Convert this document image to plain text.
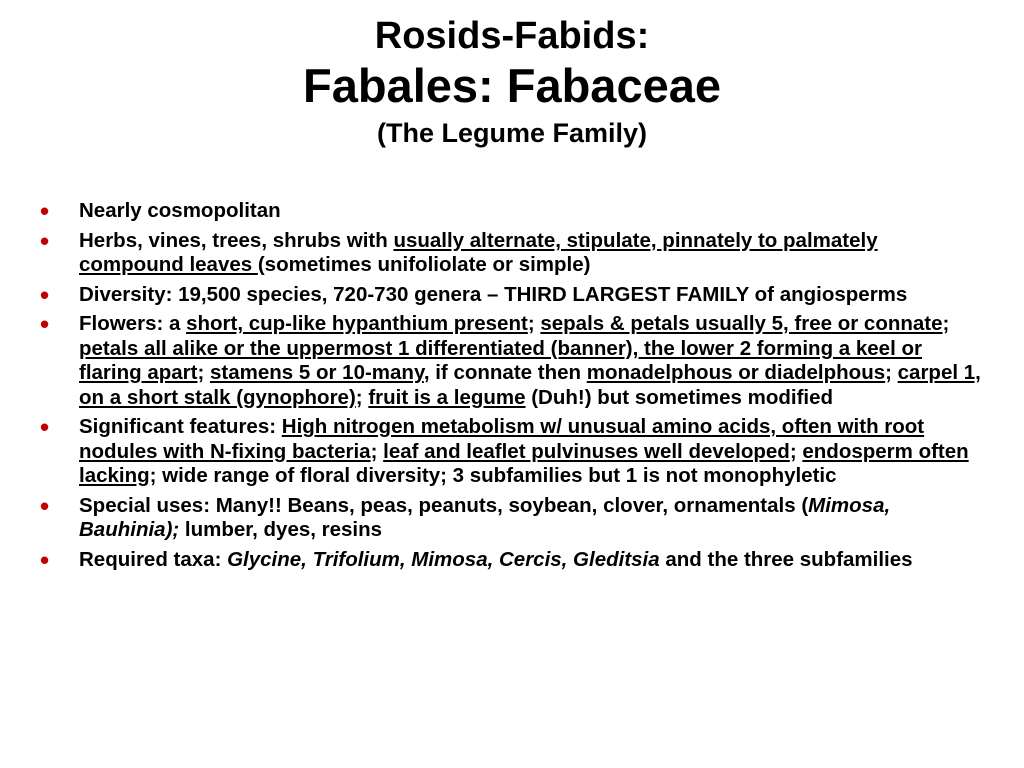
Rosids-Fabids:
Fabales: Fabaceae
(The Legume Family)
• Nearly cosmopolitan
• Herbs, vines, trees, shrubs with usually alternate, stipulate, pinnately to palmately compound leaves (sometimes unifoliolate or simple)
• Diversity: 19,500 species, 720-730 genera – THIRD LARGEST FAMILY of angiosperms
• Flowers: a short, cup-like hypanthium present; sepals & petals usually 5, free or connate; petals all alike or the uppermost 1 differentiated (banner), the lower 2 forming a keel or flaring apart; stamens 5 or 10-many, if connate then monadelphous or diadelphous; carpel 1, on a short stalk (gynophore); fruit is a legume (Duh!) but sometimes modified
• Significant features: High nitrogen metabolism w/ unusual amino acids, often with root nodules with N-fixing bacteria; leaf and leaflet pulvinuses well developed; endosperm often lacking; wide range of floral diversity; 3 subfamilies but 1 is not monophyletic
• Special uses: Many!! Beans, peas, peanuts, soybean, clover, ornamentals (Mimosa, Bauhinia); lumber, dyes, resins
• Required taxa: Glycine, Trifolium, Mimosa, Cercis, Gleditsia and the three subfamilies
